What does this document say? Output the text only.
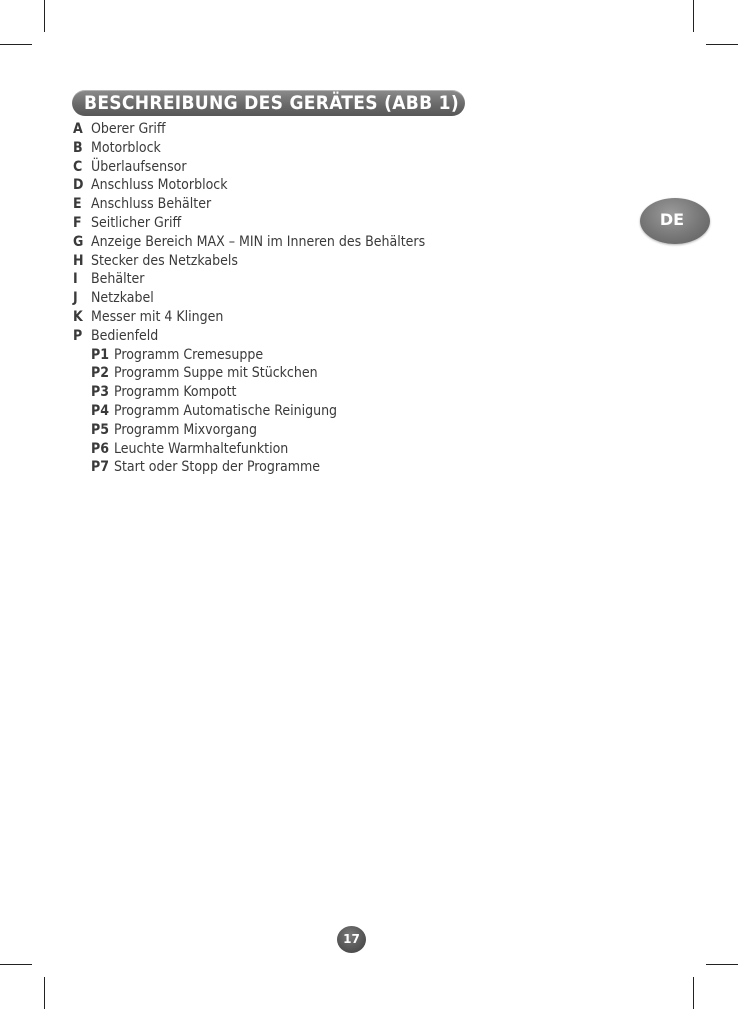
BESCHREIBUNG DES GERÄTES (ABB 1)
DE
A Oberer Griff
B Motorblock
C Überlaufsensor
D Anschluss Motorblock
E Anschluss Behälter
F Seitlicher Griff
G Anzeige Bereich MAX – MIN im Inneren des Behälters
H Stecker des Netzkabels
I Behälter
J Netzkabel
K Messer mit 4 Klingen
P Bedienfeld
P1 Programm Cremesuppe
P2 Programm Suppe mit Stückchen
P3 Programm Kompott
P4 Programm Automatische Reinigung
P5 Programm Mixvorgang
P6 Leuchte Warmhaltefunktion
P7 Start oder Stopp der Programme
17
